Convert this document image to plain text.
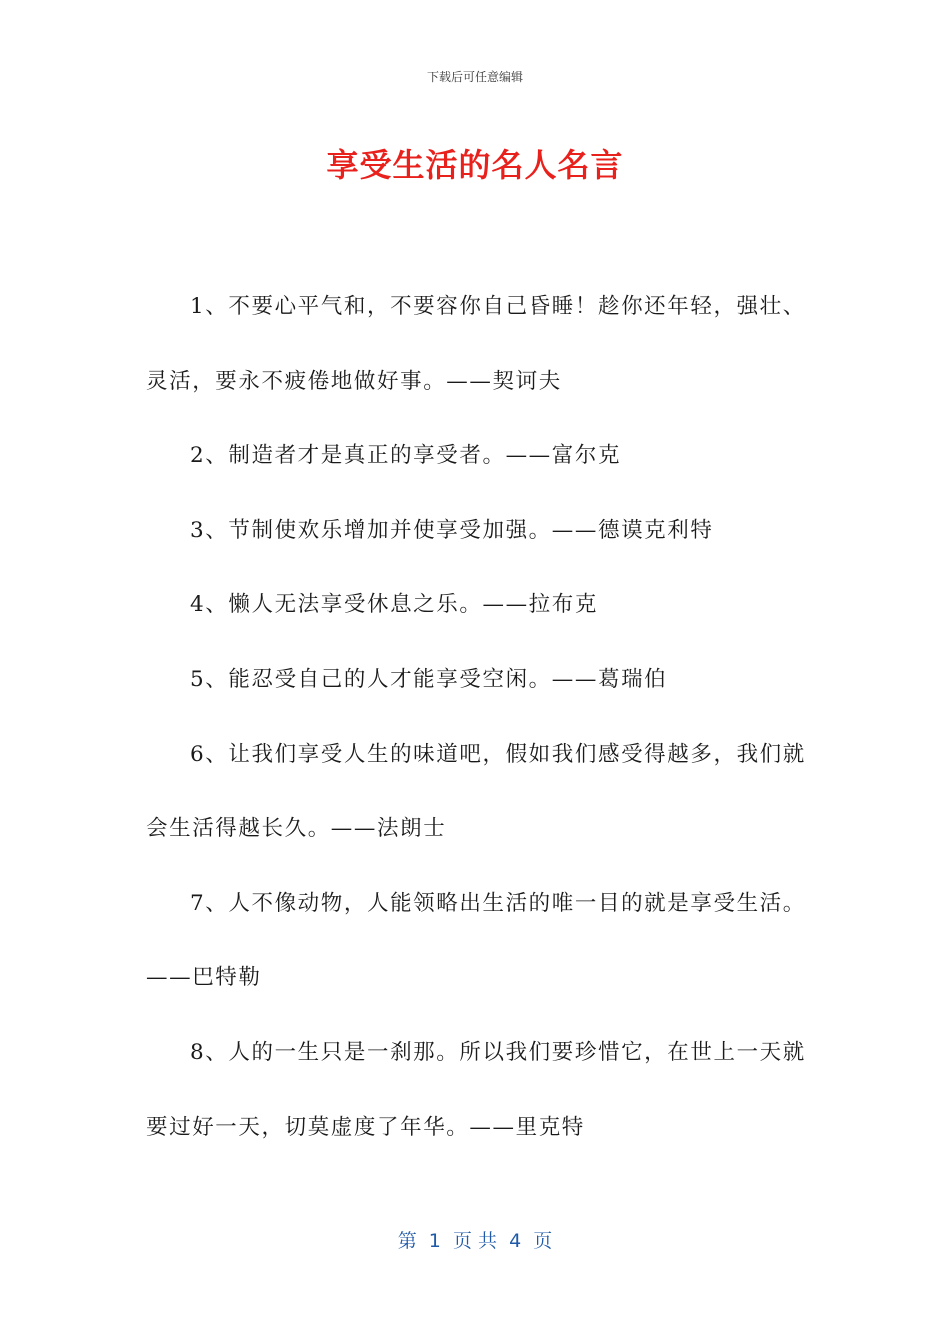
下载后可任意编辑
享受生活的名人名言

1、不要心平气和，不要容你自己昏睡！趁你还年轻，强壮、灵活，要永不疲倦地做好事。——契诃夫

2、制造者才是真正的享受者。——富尔克

3、节制使欢乐增加并使享受加强。——德谟克利特

4、懒人无法享受休息之乐。——拉布克

5、能忍受自己的人才能享受空闲。——葛瑞伯

6、让我们享受人生的味道吧，假如我们感受得越多，我们就会生活得越长久。——法朗士

7、人不像动物，人能领略出生活的唯一目的就是享受生活。——巴特勒

8、人的一生只是一刹那。所以我们要珍惜它，在世上一天就要过好一天，切莫虚度了年华。——里克特

第  1  页 共  4  页
